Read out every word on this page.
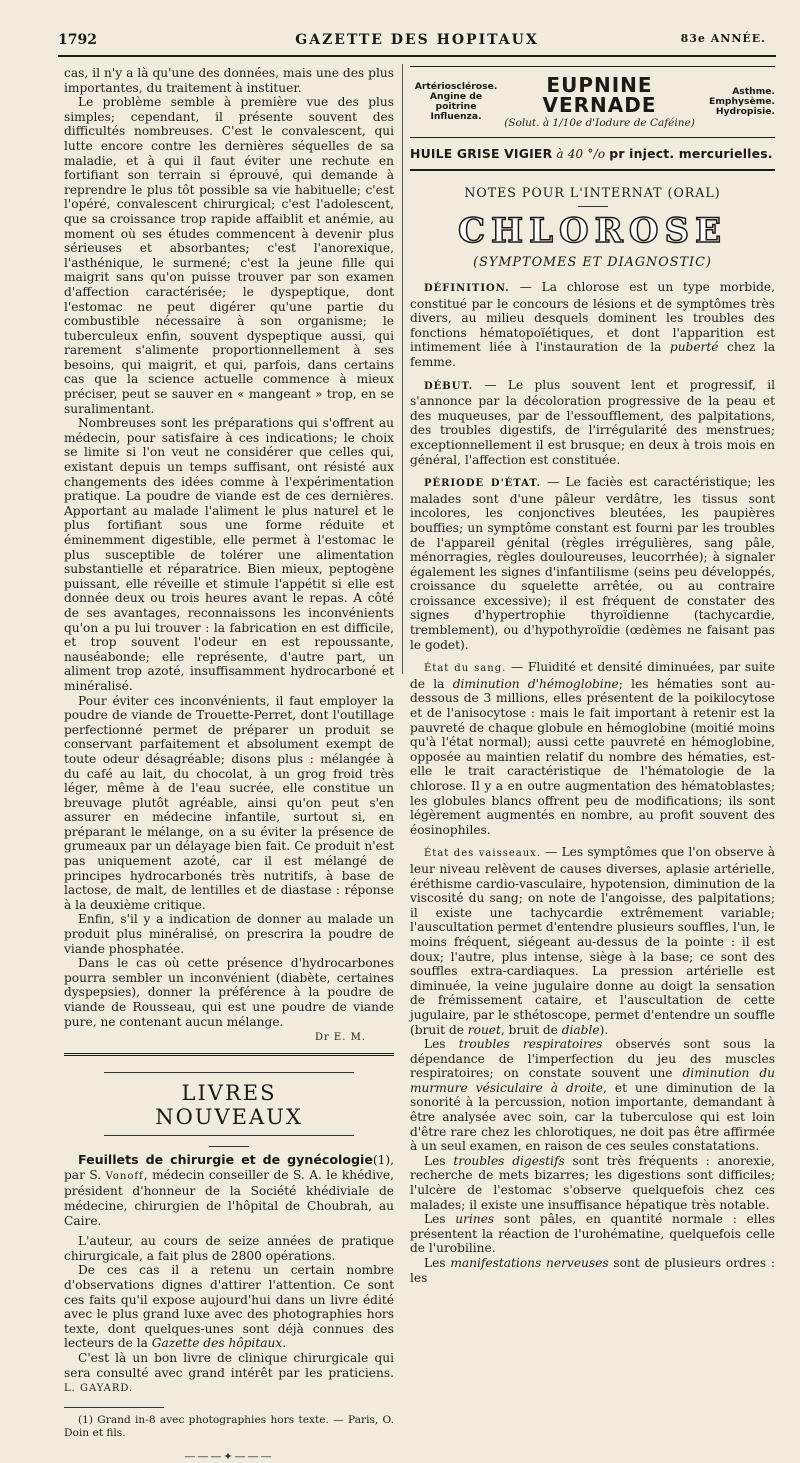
1792	GAZETTE DES HOPITAUX	83e ANNÉE.

cas, il n'y a là qu'une des données, mais une des plus importantes, du traitement à instituer.

Le problème semble à première vue des plus simples; cependant, il présente souvent des difficultés nombreuses. C'est le convalescent, qui lutte encore contre les dernières séquelles de sa maladie, et à qui il faut éviter une rechute en fortifiant son terrain si éprouvé, qui demande à reprendre le plus tôt possible sa vie habituelle; c'est l'opéré, convalescent chirurgical; c'est l'adolescent, que sa croissance trop rapide affaiblit et anémie, au moment où ses études commencent à devenir plus sérieuses et absorbantes; c'est l'anorexique, l'asthénique, le surmené; c'est la jeune fille qui maigrit sans qu'on puisse trouver par son examen d'affection caractérisée; le dyspeptique, dont l'estomac ne peut digérer qu'une partie du combustible nécessaire à son organisme; le tuberculeux enfin, souvent dyspeptique aussi, qui rarement s'alimente proportionnellement à ses besoins, qui maigrit, et qui, parfois, dans certains cas que la science actuelle commence à mieux préciser, peut se sauver en « mangeant » trop, en se suralimentant.

Nombreuses sont les préparations qui s'offrent au médecin, pour satisfaire à ces indications; le choix se limite si l'on veut ne considérer que celles qui, existant depuis un temps suffisant, ont résisté aux changements des idées comme à l'expérimentation pratique. La poudre de viande est de ces dernières. Apportant au malade l'aliment le plus naturel et le plus fortifiant sous une forme réduite et éminemment digestible, elle permet à l'estomac le plus susceptible de tolérer une alimentation substantielle et réparatrice. Bien mieux, peptogène puissant, elle réveille et stimule l'appétit si elle est donnée deux ou trois heures avant le repas. A côté de ses avantages, reconnaissons les inconvénients qu'on a pu lui trouver : la fabrication en est difficile, et trop souvent l'odeur en est repoussante, nauséabonde; elle représente, d'autre part, un aliment trop azoté, insuffisamment hydrocarboné et minéralisé.

Pour éviter ces inconvénients, il faut employer la poudre de viande de Trouette-Perret, dont l'outillage perfectionné permet de préparer un produit se conservant parfaitement et absolument exempt de toute odeur désagréable; disons plus : mélangée à du café au lait, du chocolat, à un grog froid très léger, même à de l'eau sucrée, elle constitue un breuvage plutôt agréable, ainsi qu'on peut s'en assurer en médecine infantile, surtout si, en préparant le mélange, on a su éviter la présence de grumeaux par un délayage bien fait. Ce produit n'est pas uniquement azoté, car il est mélangé de principes hydrocarbonés très nutritifs, à base de lactose, de malt, de lentilles et de diastase : réponse à la deuxième critique.

Enfin, s'il y a indication de donner au malade un produit plus minéralisé, on prescrira la poudre de viande phosphatée.

Dans le cas où cette présence d'hydrocarbones pourra sembler un inconvénient (diabète, certaines dyspepsies), donner la préférence à la poudre de viande de Rousseau, qui est une poudre de viande pure, ne contenant aucun mélange.

Dr E. M.
LIVRES NOUVEAUX

Feuillets de chirurgie et de gynécologie(1), par S. Vonoff, médecin conseiller de S. A. le khédive, président d'honneur de la Société khédiviale de médecine, chirurgien de l'hôpital de Choubrah, au Caire.

L'auteur, au cours de seize années de pratique chirurgicale, a fait plus de 2800 opérations.

De ces cas il a retenu un certain nombre d'observations dignes d'attirer l'attention. Ce sont ces faits qu'il expose aujourd'hui dans un livre édité avec le plus grand luxe avec des photographies hors texte, dont quelques-unes sont déjà connues des lecteurs de la Gazette des hôpitaux.

C'est là un bon livre de clinique chirurgicale qui sera consulté avec grand intérêt par les praticiens. L. GAYARD.

(1) Grand in-8 avec photographies hors texte. — Paris, O. Doin et fils.

———✦———
Artériosclérose.
Angine de poitrine
Influenza.
EUPNINE VERNADE
(Solut. à 1/10e d'Iodure de Caféine)
Asthme.
Emphysème.
Hydropisie.
HUILE GRISE VIGIER à 40 °/o pr inject. mercurielles.
NOTES POUR L'INTERNAT (ORAL)
CHLOROSE
(SYMPTOMES ET DIAGNOSTIC)

DÉFINITION. — La chlorose est un type morbide, constitué par le concours de lésions et de symptômes très divers, au milieu desquels dominent les troubles des fonctions hématopoïétiques, et dont l'apparition est intimement liée à l'instauration de la puberté chez la femme.

DÉBUT. — Le plus souvent lent et progressif, il s'annonce par la décoloration progressive de la peau et des muqueuses, par de l'essoufflement, des palpitations, des troubles digestifs, de l'irrégularité des menstrues; exceptionnellement il est brusque; en deux à trois mois en général, l'affection est constituée.

PÉRIODE D'ÉTAT. — Le faciès est caractéristique; les malades sont d'une pâleur verdâtre, les tissus sont incolores, les conjonctives bleutées, les paupières bouffies; un symptôme constant est fourni par les troubles de l'appareil génital (règles irrégulières, sang pâle, ménorragies, règles douloureuses, leucorrhée); à signaler également les signes d'infantilisme (seins peu développés, croissance du squelette arrêtée, ou au contraire croissance excessive); il est fréquent de constater des signes d'hypertrophie thyroïdienne (tachycardie, tremblement), ou d'hypothyroïdie (œdèmes ne faisant pas le godet).

État du sang. — Fluidité et densité diminuées, par suite de la diminution d'hémoglobine; les hématies sont au-dessous de 3 millions, elles présentent de la poikilocytose et de l'anisocytose : mais le fait important à retenir est la pauvreté de chaque globule en hémoglobine (moitié moins qu'à l'état normal); aussi cette pauvreté en hémoglobine, opposée au maintien relatif du nombre des hématies, est-elle le trait caractéristique de l'hématologie de la chlorose. Il y a en outre augmentation des hématoblastes; les globules blancs offrent peu de modifications; ils sont légèrement augmentés en nombre, au profit souvent des éosinophiles.

État des vaisseaux. — Les symptômes que l'on observe à leur niveau relèvent de causes diverses, aplasie artérielle, éréthisme cardio-vasculaire, hypotension, diminution de la viscosité du sang; on note de l'angoisse, des palpitations; il existe une tachycardie extrêmement variable; l'auscultation permet d'entendre plusieurs souffles, l'un, le moins fréquent, siégeant au-dessus de la pointe : il est doux; l'autre, plus intense, siège à la base; ce sont des souffles extra-cardiaques. La pression artérielle est diminuée, la veine jugulaire donne au doigt la sensation de frémissement cataire, et l'auscultation de cette jugulaire, par le sthétoscope, permet d'entendre un souffle (bruit de rouet, bruit de diable).

Les troubles respiratoires observés sont sous la dépendance de l'imperfection du jeu des muscles respiratoires; on constate souvent une diminution du murmure vésiculaire à droite, et une diminution de la sonorité à la percussion, notion importante, demandant à être analysée avec soin, car la tuberculose qui est loin d'être rare chez les chlorotiques, ne doit pas être affirmée à un seul examen, en raison de ces seules constatations.

Les troubles digestifs sont très fréquents : anorexie, recherche de mets bizarres; les digestions sont difficiles; l'ulcère de l'estomac s'observe quelquefois chez ces malades; il existe une insuffisance hépatique très notable.

Les urines sont pâles, en quantité normale : elles présentent la réaction de l'urohématine, quelquefois celle de l'urobiline.

Les manifestations nerveuses sont de plusieurs ordres : les
